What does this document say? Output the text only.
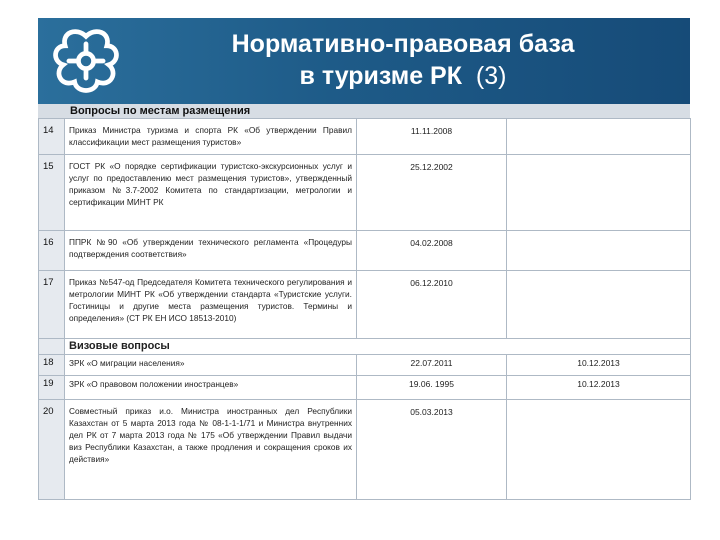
Нормативно-правовая база
в туризме РК (3)
Вопросы по местам размещения
14	Приказ Министра туризма и спорта РК «Об утверждении Правил классификации мест размещения туристов»	11.11.2008	
15	ГОСТ РК «О порядке сертификации туристско-экскурсионных услуг и услуг по предоставлению мест размещения туристов», утвержденный приказом №3.7-2002 Комитета по стандартизации, метрологии и сертификации МИНТ РК	25.12.2002	
16	ППРК №90 «Об утверждении технического регламента «Процедуры подтверждения соответствия»	04.02.2008	
17	Приказ №547-од Председателя Комитета технического регулирования и метрологии МИНТ РК «Об утверждении стандарта «Туристские услуги. Гостиницы и другие места размещения туристов. Термины и определения» (СТ РК ЕН ИСО 18513-2010)	06.12.2010	
	Визовые вопросы		
18	ЗРК «О миграции населения»	22.07.2011	10.12.2013
19	ЗРК «О правовом положении иностранцев»	19.06. 1995	10.12.2013
20	Совместный приказ и.о. Министра иностранных дел Республики Казахстан от 5 марта 2013 года № 08-1-1-1/71 и Министра внутренних дел РК от 7 марта 2013 года № 175 «Об утверждении Правил выдачи виз Республики Казахстан, а также продления и сокращения сроков их действия»	05.03.2013	
